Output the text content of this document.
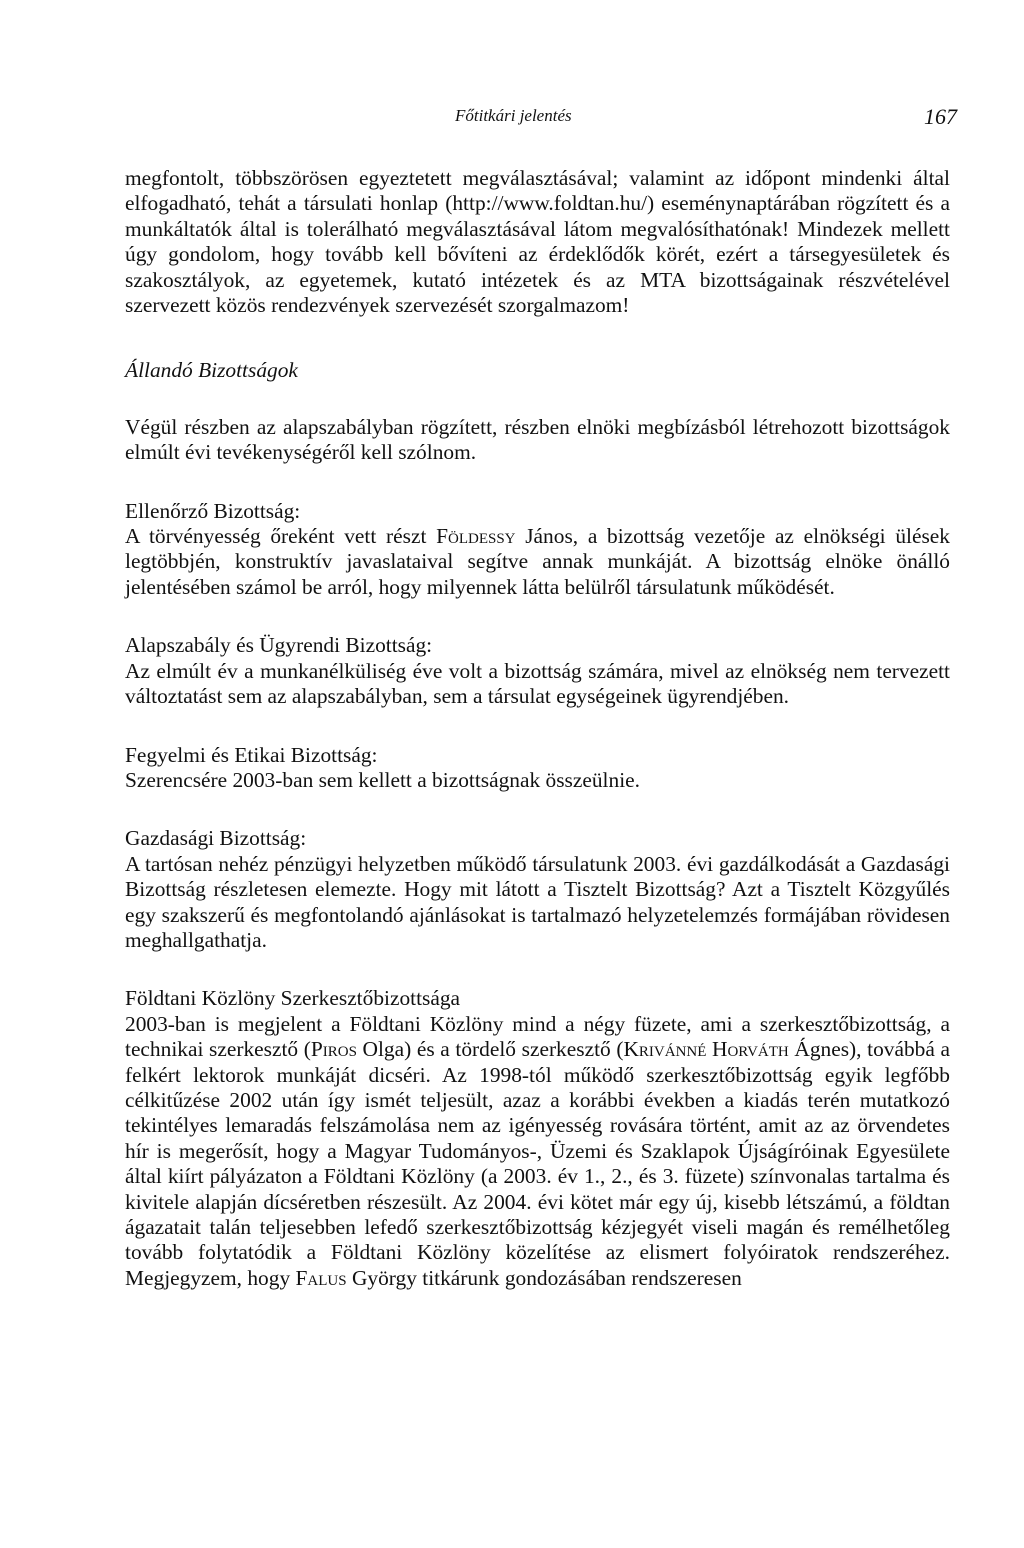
Főtitkári jelentés	167

megfontolt, többszörösen egyeztetett megválasztásával; valamint az időpont mindenki által elfogadható, tehát a társulati honlap (http://www.foldtan.hu/) eseménynaptárában rögzített és a munkáltatók által is tolerálható megválasztásával látom megvalósíthatónak! Mindezek mellett úgy gondolom, hogy tovább kell bővíteni az érdeklődők körét, ezért a társegyesületek és szakosztályok, az egyetemek, kutató intézetek és az MTA bizottságainak részvételével szervezett közös rendezvények szervezését szorgalmazom!

Állandó Bizottságok

Végül részben az alapszabályban rögzített, részben elnöki megbízásból létrehozott bizottságok elmúlt évi tevékenységéről kell szólnom.

Ellenőrző Bizottság:

A törvényesség őreként vett részt Földessy János, a bizottság vezetője az elnökségi ülések legtöbbjén, konstruktív javaslataival segítve annak munkáját. A bizottság elnöke önálló jelentésében számol be arról, hogy milyennek látta belülről társulatunk működését.

Alapszabály és Ügyrendi Bizottság:

Az elmúlt év a munkanélküliség éve volt a bizottság számára, mivel az elnökség nem tervezett változtatást sem az alapszabályban, sem a társulat egységeinek ügyrendjében.

Fegyelmi és Etikai Bizottság:

Szerencsére 2003-ban sem kellett a bizottságnak összeülnie.

Gazdasági Bizottság:

A tartósan nehéz pénzügyi helyzetben működő társulatunk 2003. évi gazdálkodását a Gazdasági Bizottság részletesen elemezte. Hogy mit látott a Tisztelt Bizottság? Azt a Tisztelt Közgyűlés egy szakszerű és megfontolandó ajánlásokat is tartalmazó helyzetelemzés formájában rövidesen meghallgathatja.

Földtani Közlöny Szerkesztőbizottsága

2003-ban is megjelent a Földtani Közlöny mind a négy füzete, ami a szerkesztőbizottság, a technikai szerkesztő (Piros Olga) és a tördelő szerkesztő (Krivánné Horváth Ágnes), továbbá a felkért lektorok munkáját dicséri. Az 1998-tól működő szerkesztőbizottság egyik legfőbb célkitűzése 2002 után így ismét teljesült, azaz a korábbi években a kiadás terén mutatkozó tekintélyes lemaradás felszámolása nem az igényesség rovására történt, amit az az örvendetes hír is megerősít, hogy a Magyar Tudományos-, Üzemi és Szaklapok Újságíróinak Egyesülete által kiírt pályázaton a Földtani Közlöny (a 2003. év 1., 2., és 3. füzete) színvonalas tartalma és kivitele alapján dícséretben részesült. Az 2004. évi kötet már egy új, kisebb létszámú, a földtan ágazatait talán teljesebben lefedő szerkesztőbizottság kézjegyét viseli magán és remélhetőleg tovább folytatódik a Földtani Közlöny közelítése az elismert folyóiratok rendszeréhez. Megjegyzem, hogy Falus György titkárunk gondozásában rendszeresen
